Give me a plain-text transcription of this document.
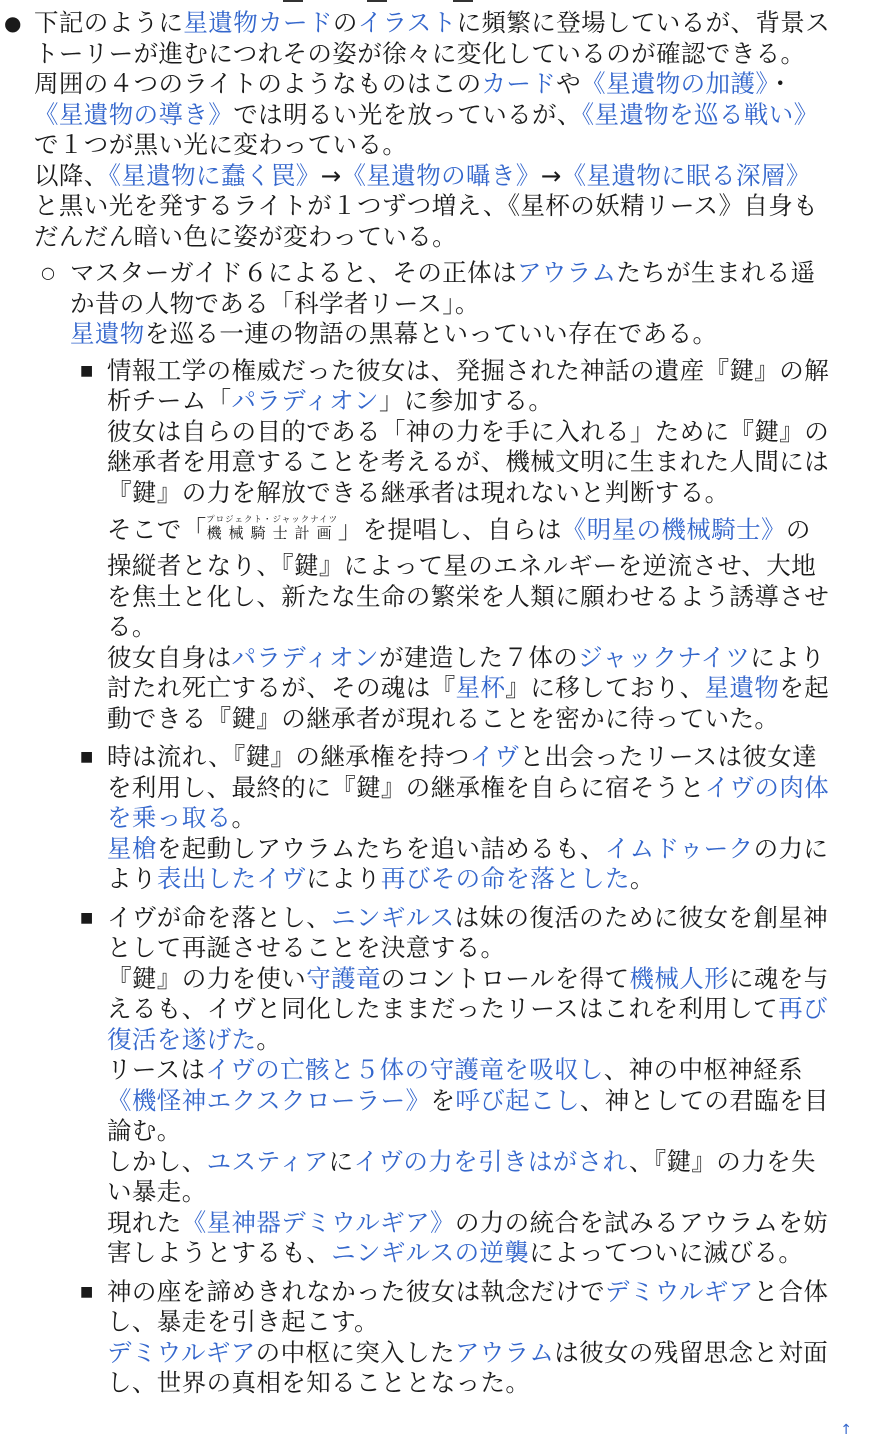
● 下記のように星遺物カードのイラストに頻繁に登場しているが、背景ス
トーリーが進むにつれその姿が徐々に変化しているのが確認できる。
周囲の４つのライトのようなものはこのカードや《星遺物の加護》・
《星遺物の導き》では明るい光を放っているが、《星遺物を巡る戦い》
で１つが黒い光に変わっている。
以降、《星遺物に蠢く罠》→《星遺物の囁き》→《星遺物に眠る深層》
と黒い光を発するライトが１つずつ増え、《星杯の妖精リース》自身も
だんだん暗い色に姿が変わっている。
○ マスターガイド６によると、その正体はアウラムたちが生まれる遥
か昔の人物である「科学者リース」。
星遺物を巡る一連の物語の黒幕といっていい存在である。
■ 情報工学の権威だった彼女は、発掘された神話の遺産『鍵』の解
析チーム「パラディオン」に参加する。
彼女は自らの目的である「神の力を手に入れる」ために『鍵』の
継承者を用意することを考えるが、機械文明に生まれた人間には
『鍵』の力を解放できる継承者は現れないと判断する。
そこで「機械騎士計画プロジェクト・ジャックナイツ 」を提唱し、自らは《明星の機械騎士》の
操縦者となり、『鍵』によって星のエネルギーを逆流させ、大地
を焦土と化し、新たな生命の繁栄を人類に願わせるよう誘導させ
る。
彼女自身はパラディオンが建造した７体のジャックナイツにより
討たれ死亡するが、その魂は『星杯』に移しており、星遺物を起
動できる『鍵』の継承者が現れることを密かに待っていた。
■ 時は流れ、『鍵』の継承権を持つイヴと出会ったリースは彼女達
を利用し、最終的に『鍵』の継承権を自らに宿そうとイヴの肉体
を乗っ取る。
星槍を起動しアウラムたちを追い詰めるも、イムドゥークの力に
より表出したイヴにより再びその命を落とした。
■ イヴが命を落とし、ニンギルスは妹の復活のために彼女を創星神
として再誕させることを決意する。
『鍵』の力を使い守護竜のコントロールを得て機械人形に魂を与
えるも、イヴと同化したままだったリースはこれを利用して再び
復活を遂げた。
リースはイヴの亡骸と５体の守護竜を吸収し、神の中枢神経系
《機怪神エクスクローラー》を呼び起こし、神としての君臨を目
論む。
しかし、ユスティアにイヴの力を引きはがされ、『鍵』の力を失
い暴走。
現れた《星神器デミウルギア》の力の統合を試みるアウラムを妨
害しようとするも、ニンギルスの逆襲によってついに滅びる。
■ 神の座を諦めきれなかった彼女は執念だけでデミウルギアと合体
し、暴走を引き起こす。
デミウルギアの中枢に突入したアウラムは彼女の残留思念と対面
し、世界の真相を知ることとなった。
↑
